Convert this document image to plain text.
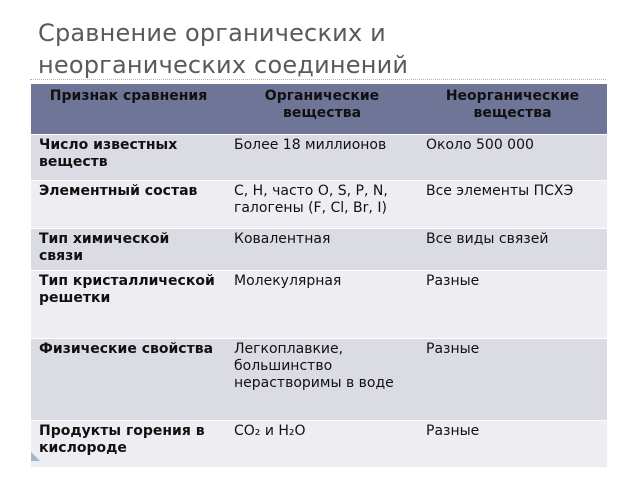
Сравнение органических и неорганических соединений
Признак сравнения	Органические вещества	Неорганические вещества
Число известных веществ	Более 18 миллионов	Около 500 000
Элементный состав	C, H, часто O, S, P, N, галогены (F, Cl, Br, I)	Все элементы ПСХЭ
Тип химической связи	Ковалентная	Все виды связей
Тип кристаллической решетки	Молекулярная	Разные
Физические свойства	Легкоплавкие, большинство нерастворимы в воде	Разные
Продукты горения в кислороде	CO₂ и H₂O	Разные
